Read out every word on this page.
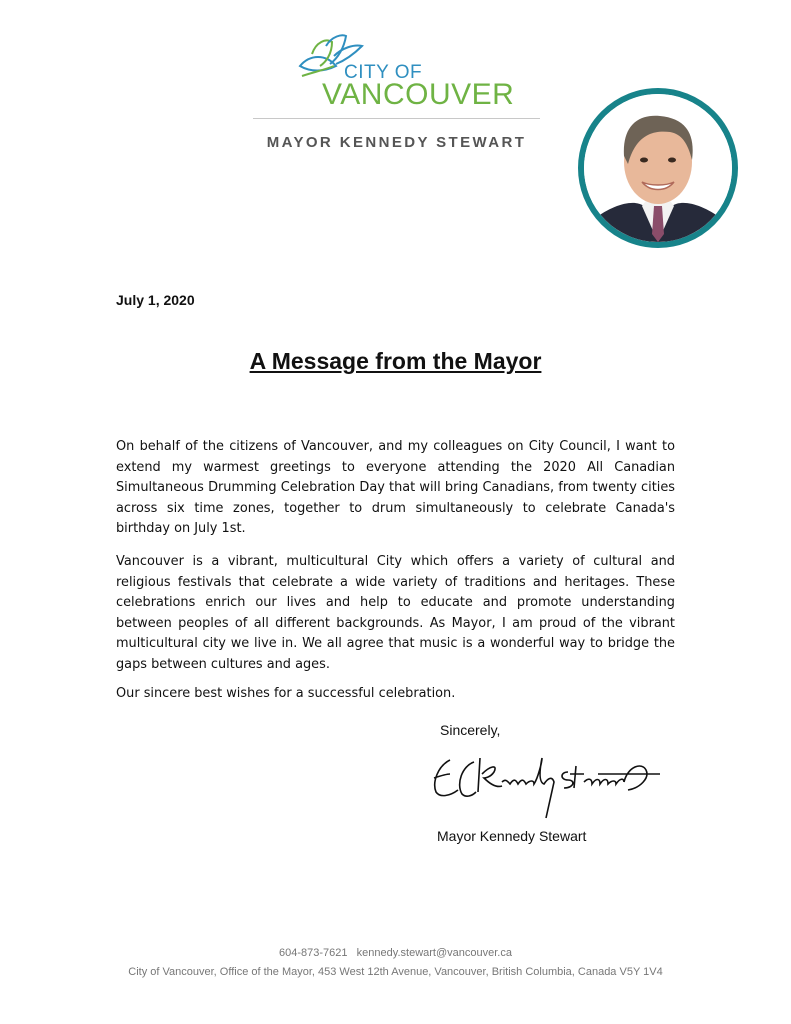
CITY OF
VANCOUVER
MAYOR KENNEDY STEWART
July 1, 2020
A Message from the Mayor

On behalf of the citizens of Vancouver, and my colleagues on City Council, I want to extend my warmest greetings to everyone attending the 2020 All Canadian Simultaneous Drumming Celebration Day that will bring Canadians, from twenty cities across six time zones, together to drum simultaneously to celebrate Canada's birthday on July 1st.

Vancouver is a vibrant, multicultural City which offers a variety of cultural and religious festivals that celebrate a wide variety of traditions and heritages. These celebrations enrich our lives and help to educate and promote understanding between peoples of all different backgrounds. As Mayor, I am proud of the vibrant multicultural city we live in. We all agree that music is a wonderful way to bridge the gaps between cultures and ages.

Our sincere best wishes for a successful celebration.

Sincerely,
Mayor Kennedy Stewart
604-873-7621   kennedy.stewart@vancouver.ca
City of Vancouver, Office of the Mayor, 453 West 12th Avenue, Vancouver, British Columbia, Canada V5Y 1V4
